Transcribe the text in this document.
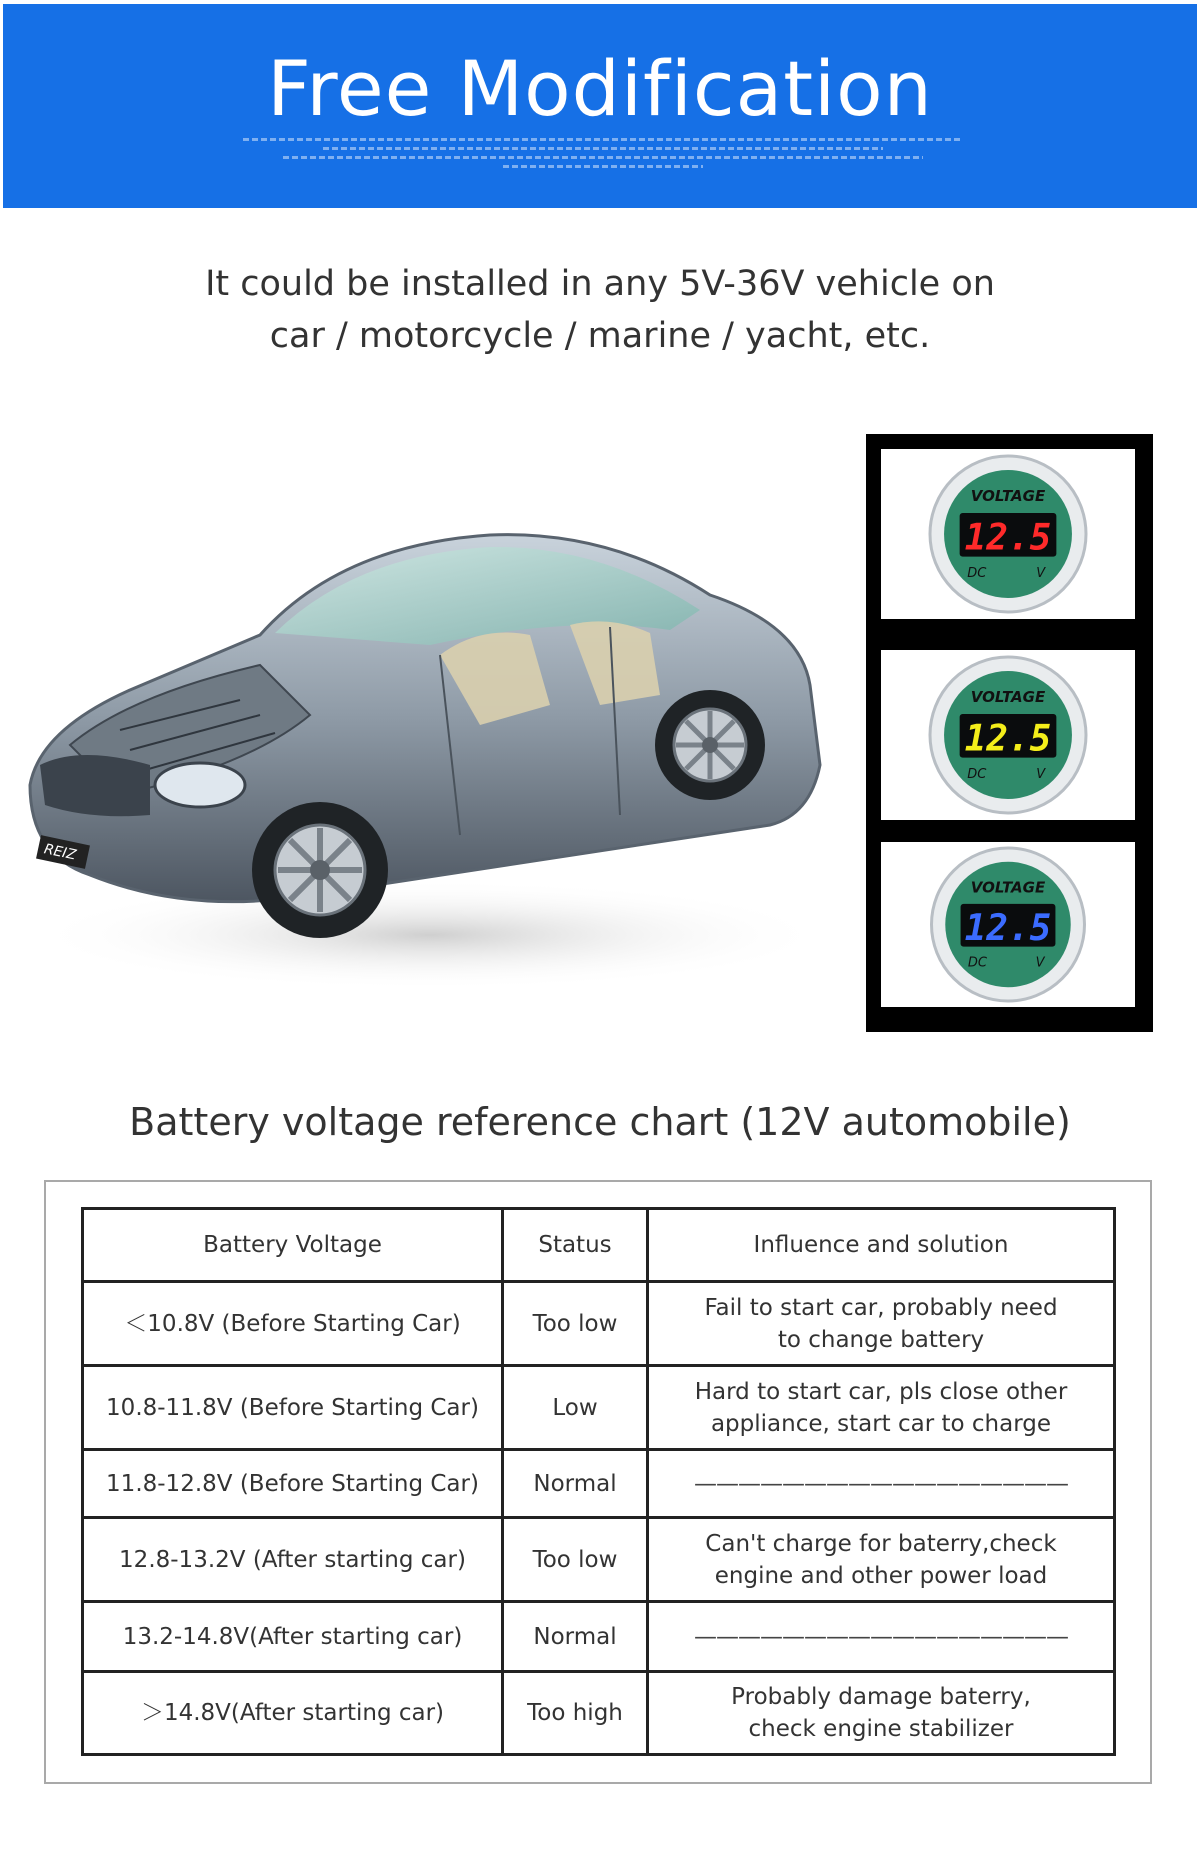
Free Modification
It could be installed in any 5V-36V vehicle on
car / motorcycle / marine / yacht, etc.
REIZ
VOLTAGE
12.5
DC	V
VOLTAGE
12.5
DC	V
VOLTAGE
12.5
DC	V
Battery voltage reference chart (12V automobile)
Battery Voltage	Status	Influence and solution
＜10.8V (Before Starting Car)	Too low	Fail to start car, probably need
to change battery

10.8-11.8V (Before Starting Car)	Low	Hard to start car, pls close other
appliance, start car to charge

11.8-12.8V (Before Starting Car)	Normal	—————————————————

12.8-13.2V (After starting car)	Too low	Can't charge for baterry,check
engine and other power load

13.2-14.8V(After starting car)	Normal	—————————————————

＞14.8V(After starting car)	Too high	Probably damage baterry,
check engine stabilizer
